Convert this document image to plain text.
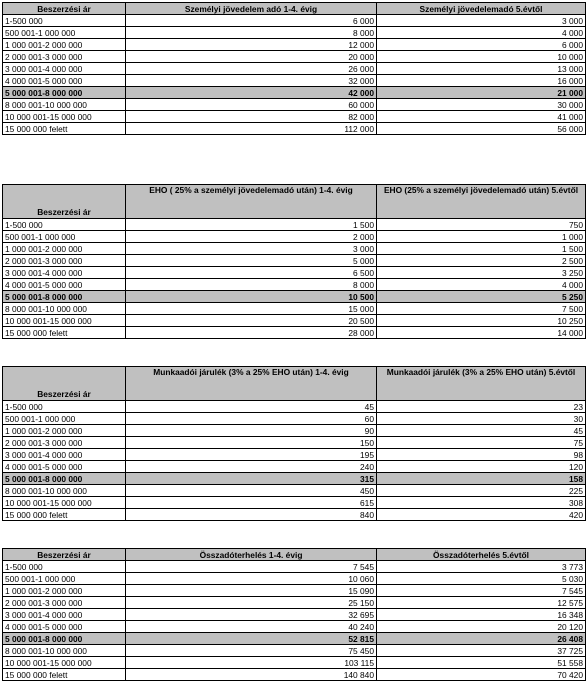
Beszerzési ár	Személyi jövedelem adó 1-4. évig	Személyi jövedelemadó 5.évtől
1-500 000	6 000	3 000
500 001-1 000 000	8 000	4 000
1 000 001-2 000 000	12 000	6 000
2 000 001-3 000 000	20 000	10 000
3 000 001-4 000 000	26 000	13 000
4 000 001-5 000 000	32 000	16 000
5 000 001-8 000 000	42 000	21 000
8 000 001-10 000 000	60 000	30 000
10 000 001-15 000 000	82 000	41 000
15 000 000 felett	112 000	56 000
Beszerzési ár	EHO ( 25% a személyi jövedelemadó után) 1-4. évig	EHO (25% a személyi jövedelemadó után) 5.évtől
1-500 000	1 500	750
500 001-1 000 000	2 000	1 000
1 000 001-2 000 000	3 000	1 500
2 000 001-3 000 000	5 000	2 500
3 000 001-4 000 000	6 500	3 250
4 000 001-5 000 000	8 000	4 000
5 000 001-8 000 000	10 500	5 250
8 000 001-10 000 000	15 000	7 500
10 000 001-15 000 000	20 500	10 250
15 000 000 felett	28 000	14 000
Beszerzési ár	Munkaadói járulék (3% a 25% EHO után) 1-4. évig	Munkaadói járulék (3% a 25% EHO után) 5.évtől
1-500 000	45	23
500 001-1 000 000	60	30
1 000 001-2 000 000	90	45
2 000 001-3 000 000	150	75
3 000 001-4 000 000	195	98
4 000 001-5 000 000	240	120
5 000 001-8 000 000	315	158
8 000 001-10 000 000	450	225
10 000 001-15 000 000	615	308
15 000 000 felett	840	420
Beszerzési ár	Összadóterhelés 1-4. évig	Összadóterhelés 5.évtől
1-500 000	7 545	3 773
500 001-1 000 000	10 060	5 030
1 000 001-2 000 000	15 090	7 545
2 000 001-3 000 000	25 150	12 575
3 000 001-4 000 000	32 695	16 348
4 000 001-5 000 000	40 240	20 120
5 000 001-8 000 000	52 815	26 408
8 000 001-10 000 000	75 450	37 725
10 000 001-15 000 000	103 115	51 558
15 000 000 felett	140 840	70 420
